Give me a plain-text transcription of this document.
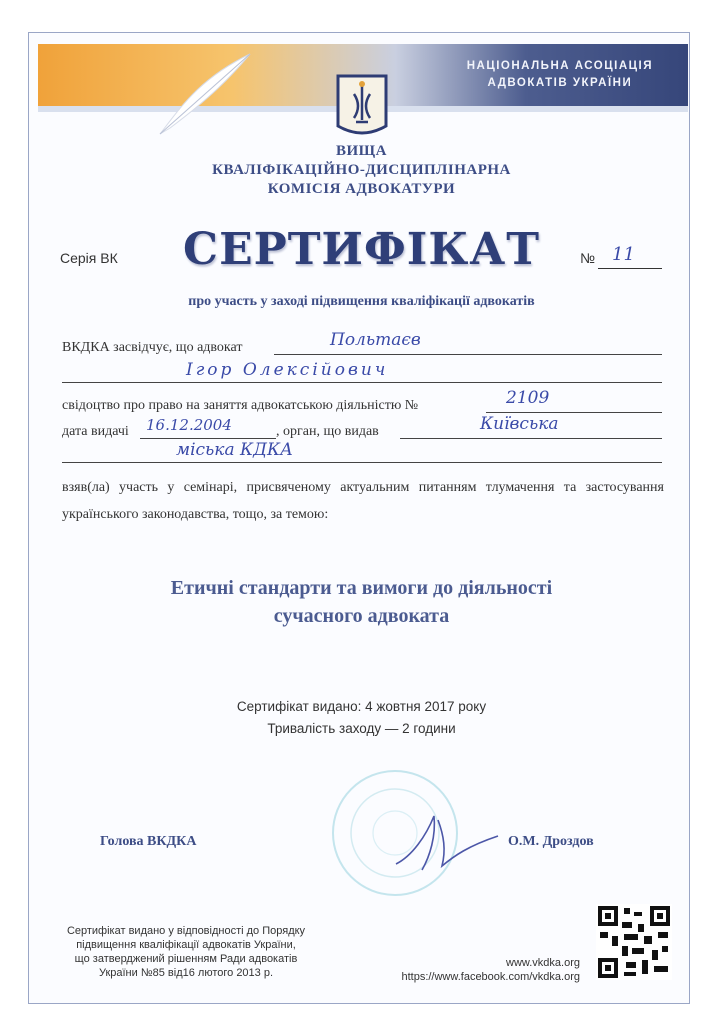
НАЦІОНАЛЬНА АСОЦІАЦІЯ
АДВОКАТІВ УКРАЇНИ
ВИЩА
КВАЛІФІКАЦІЙНО-ДИСЦИПЛІНАРНА
КОМІСІЯ АДВОКАТУРИ
Серія ВК	СЕРТИФІКАТ	№ 11
про участь у заході підвищення кваліфікації адвокатів
ВКДКА засвідчує, що адвокат	Польтаєв
Ігор Олексійович
свідоцтво про право на заняття адвокатською діяльністю №	2109
дата видачі 16.12.2004	, орган, що видав	Київська
міська КДКА
взяв(ла) участь у семінарі, присвяченому актуальним питанням тлумачення та застосування українського законодавства, тощо, за темою:
Етичні стандарти та вимоги до діяльності
сучасного адвоката
Сертифікат видано: 4 жовтня 2017 року
Тривалість заходу — 2 години
Голова ВКДКА	О.М. Дроздов
Сертифікат видано у відповідності до Порядку
підвищення кваліфікації адвокатів України,
що затверджений рішенням Ради адвокатів
України №85 від16 лютого 2013 р.
www.vkdka.org
https://www.facebook.com/vkdka.org
